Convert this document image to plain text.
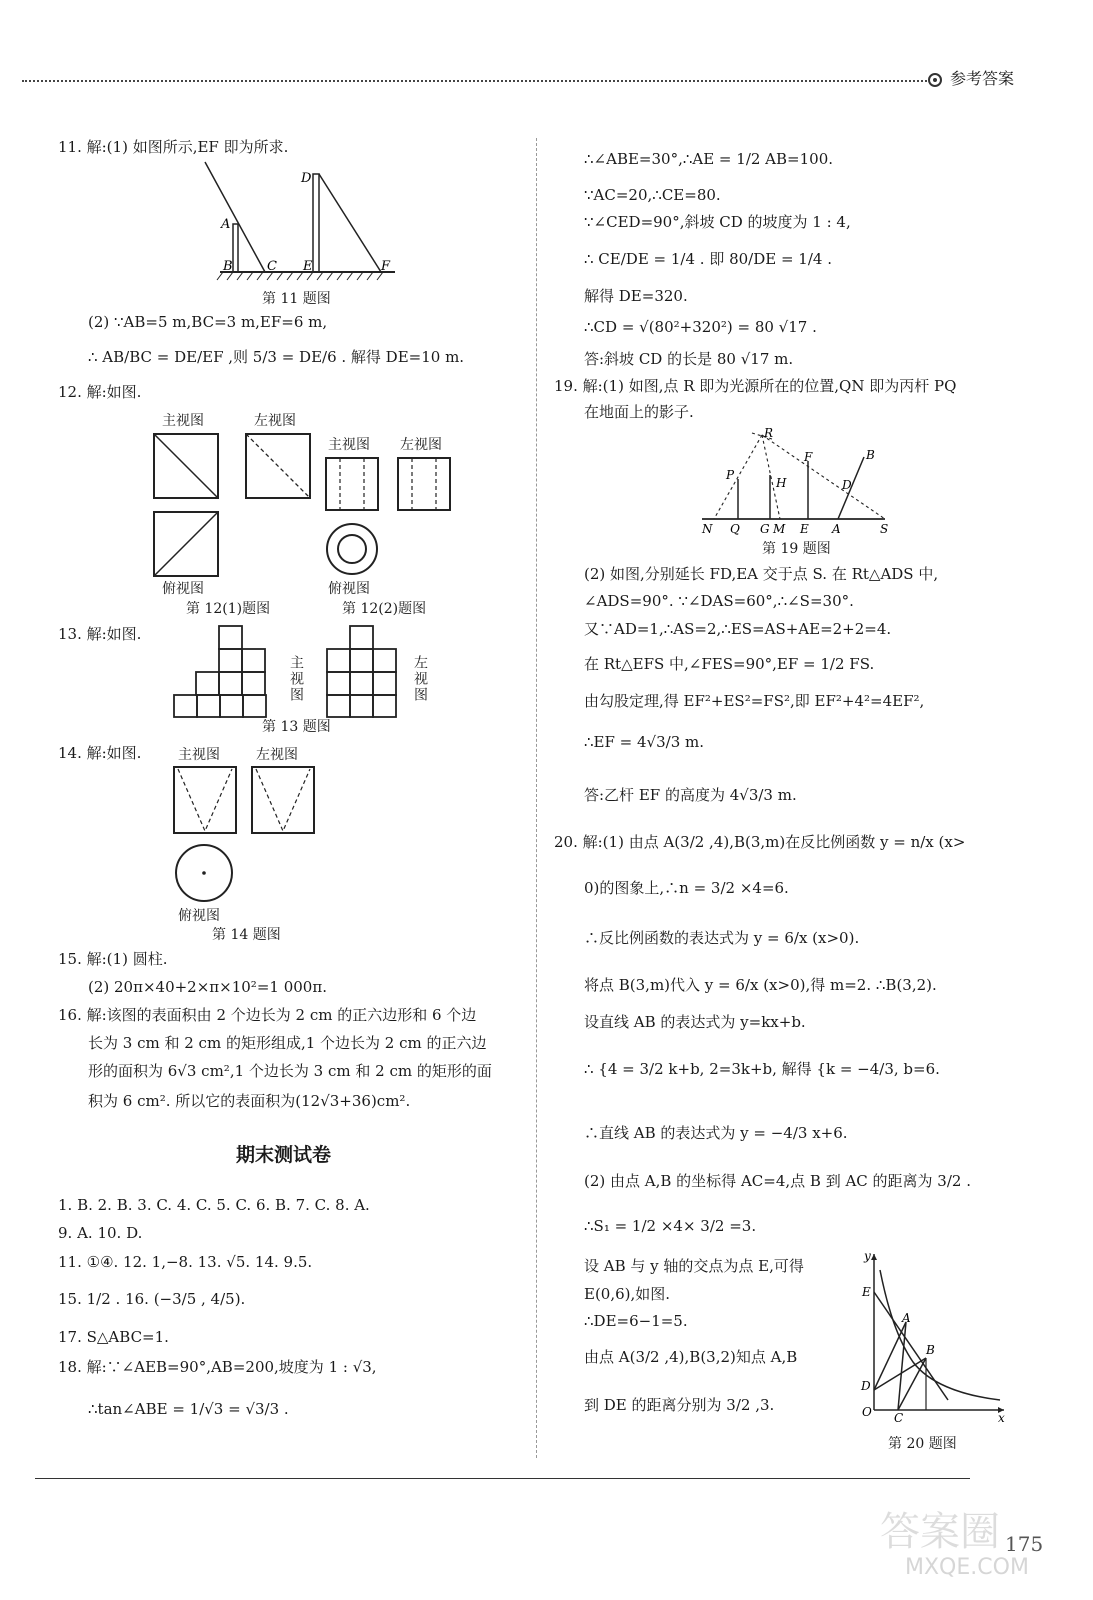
参考答案
11. 解:(1) 如图所示,EF 即为所求.
A
B	C
D
E	F
第 11 题图
(2) ∵AB=5 m,BC=3 m,EF=6 m,
∴ AB/BC = DE/EF ,则 5/3 = DE/6 . 解得 DE=10 m.
12. 解:如图.
主视图	左视图
主视图 左视图
俯视图	俯视图
第 12(1)题图	第 12(2)题图
13. 解:如图.
主视图	左视图
第 13 题图
14. 解:如图.	主视图	左视图
俯视图
第 14 题图
15. 解:(1) 圆柱.
(2) 20π×40+2×π×10²=1 000π.
16. 解:该图的表面积由 2 个边长为 2 cm 的正六边形和 6 个边
长为 3 cm 和 2 cm 的矩形组成,1 个边长为 2 cm 的正六边
形的面积为 6√3 cm²,1 个边长为 3 cm 和 2 cm 的矩形的面
积为 6 cm². 所以它的表面积为(12√3+36)cm².
期末测试卷
1. B. 2. B. 3. C. 4. C. 5. C. 6. B. 7. C. 8. A.
9. A. 10. D.
11. ①④. 12. 1,−8. 13. √5. 14. 9.5.
15. 1/2 . 16. (−3/5 , 4/5).
17. S△ABC=1.
18. 解:∵∠AEB=90°,AB=200,坡度为 1 : √3,
∴tan∠ABE = 1/√3 = √3/3 .
∴∠ABE=30°,∴AE = 1/2 AB=100.
∵AC=20,∴CE=80.
∵∠CED=90°,斜坡 CD 的坡度为 1 : 4,
∴ CE/DE = 1/4 . 即 80/DE = 1/4 .
解得 DE=320.
∴CD = √(80²+320²) = 80 √17 .
答:斜坡 CD 的长是 80 √17 m.
19. 解:(1) 如图,点 R 即为光源所在的位置,QN 即为丙杆 PQ
在地面上的影子.
R
P
H
F	B
D
N Q G M E A	S
第 19 题图
(2) 如图,分别延长 FD,EA 交于点 S. 在 Rt△ADS 中,
∠ADS=90°. ∵∠DAS=60°,∴∠S=30°.
又∵AD=1,∴AS=2,∴ES=AS+AE=2+2=4.
在 Rt△EFS 中,∠FES=90°,EF = 1/2 FS.
由勾股定理,得 EF²+ES²=FS²,即 EF²+4²=4EF²,
∴EF = 4√3/3 m.
答:乙杆 EF 的高度为 4√3/3 m.
20. 解:(1) 由点 A(3/2 ,4),B(3,m)在反比例函数 y = n/x (x>
0)的图象上,∴n = 3/2 ×4=6.
∴反比例函数的表达式为 y = 6/x (x>0).
将点 B(3,m)代入 y = 6/x (x>0),得 m=2. ∴B(3,2).
设直线 AB 的表达式为 y=kx+b.
∴ {4 = 3/2 k+b, 2=3k+b, 解得 {k = −4/3, b=6.
∴直线 AB 的表达式为 y = −4/3 x+6.
(2) 由点 A,B 的坐标得 AC=4,点 B 到 AC 的距离为 3/2 .
∴S₁ = 1/2 ×4× 3/2 =3.
设 AB 与 y 轴的交点为点 E,可得
E(0,6),如图.
∴DE=6−1=5.
由点 A(3/2 ,4),B(3,2)知点 A,B
到 DE 的距离分别为 3/2 ,3.
y
E
A
B
D
O C	x
第 20 题图
答案圈
MXQE.COM
175
